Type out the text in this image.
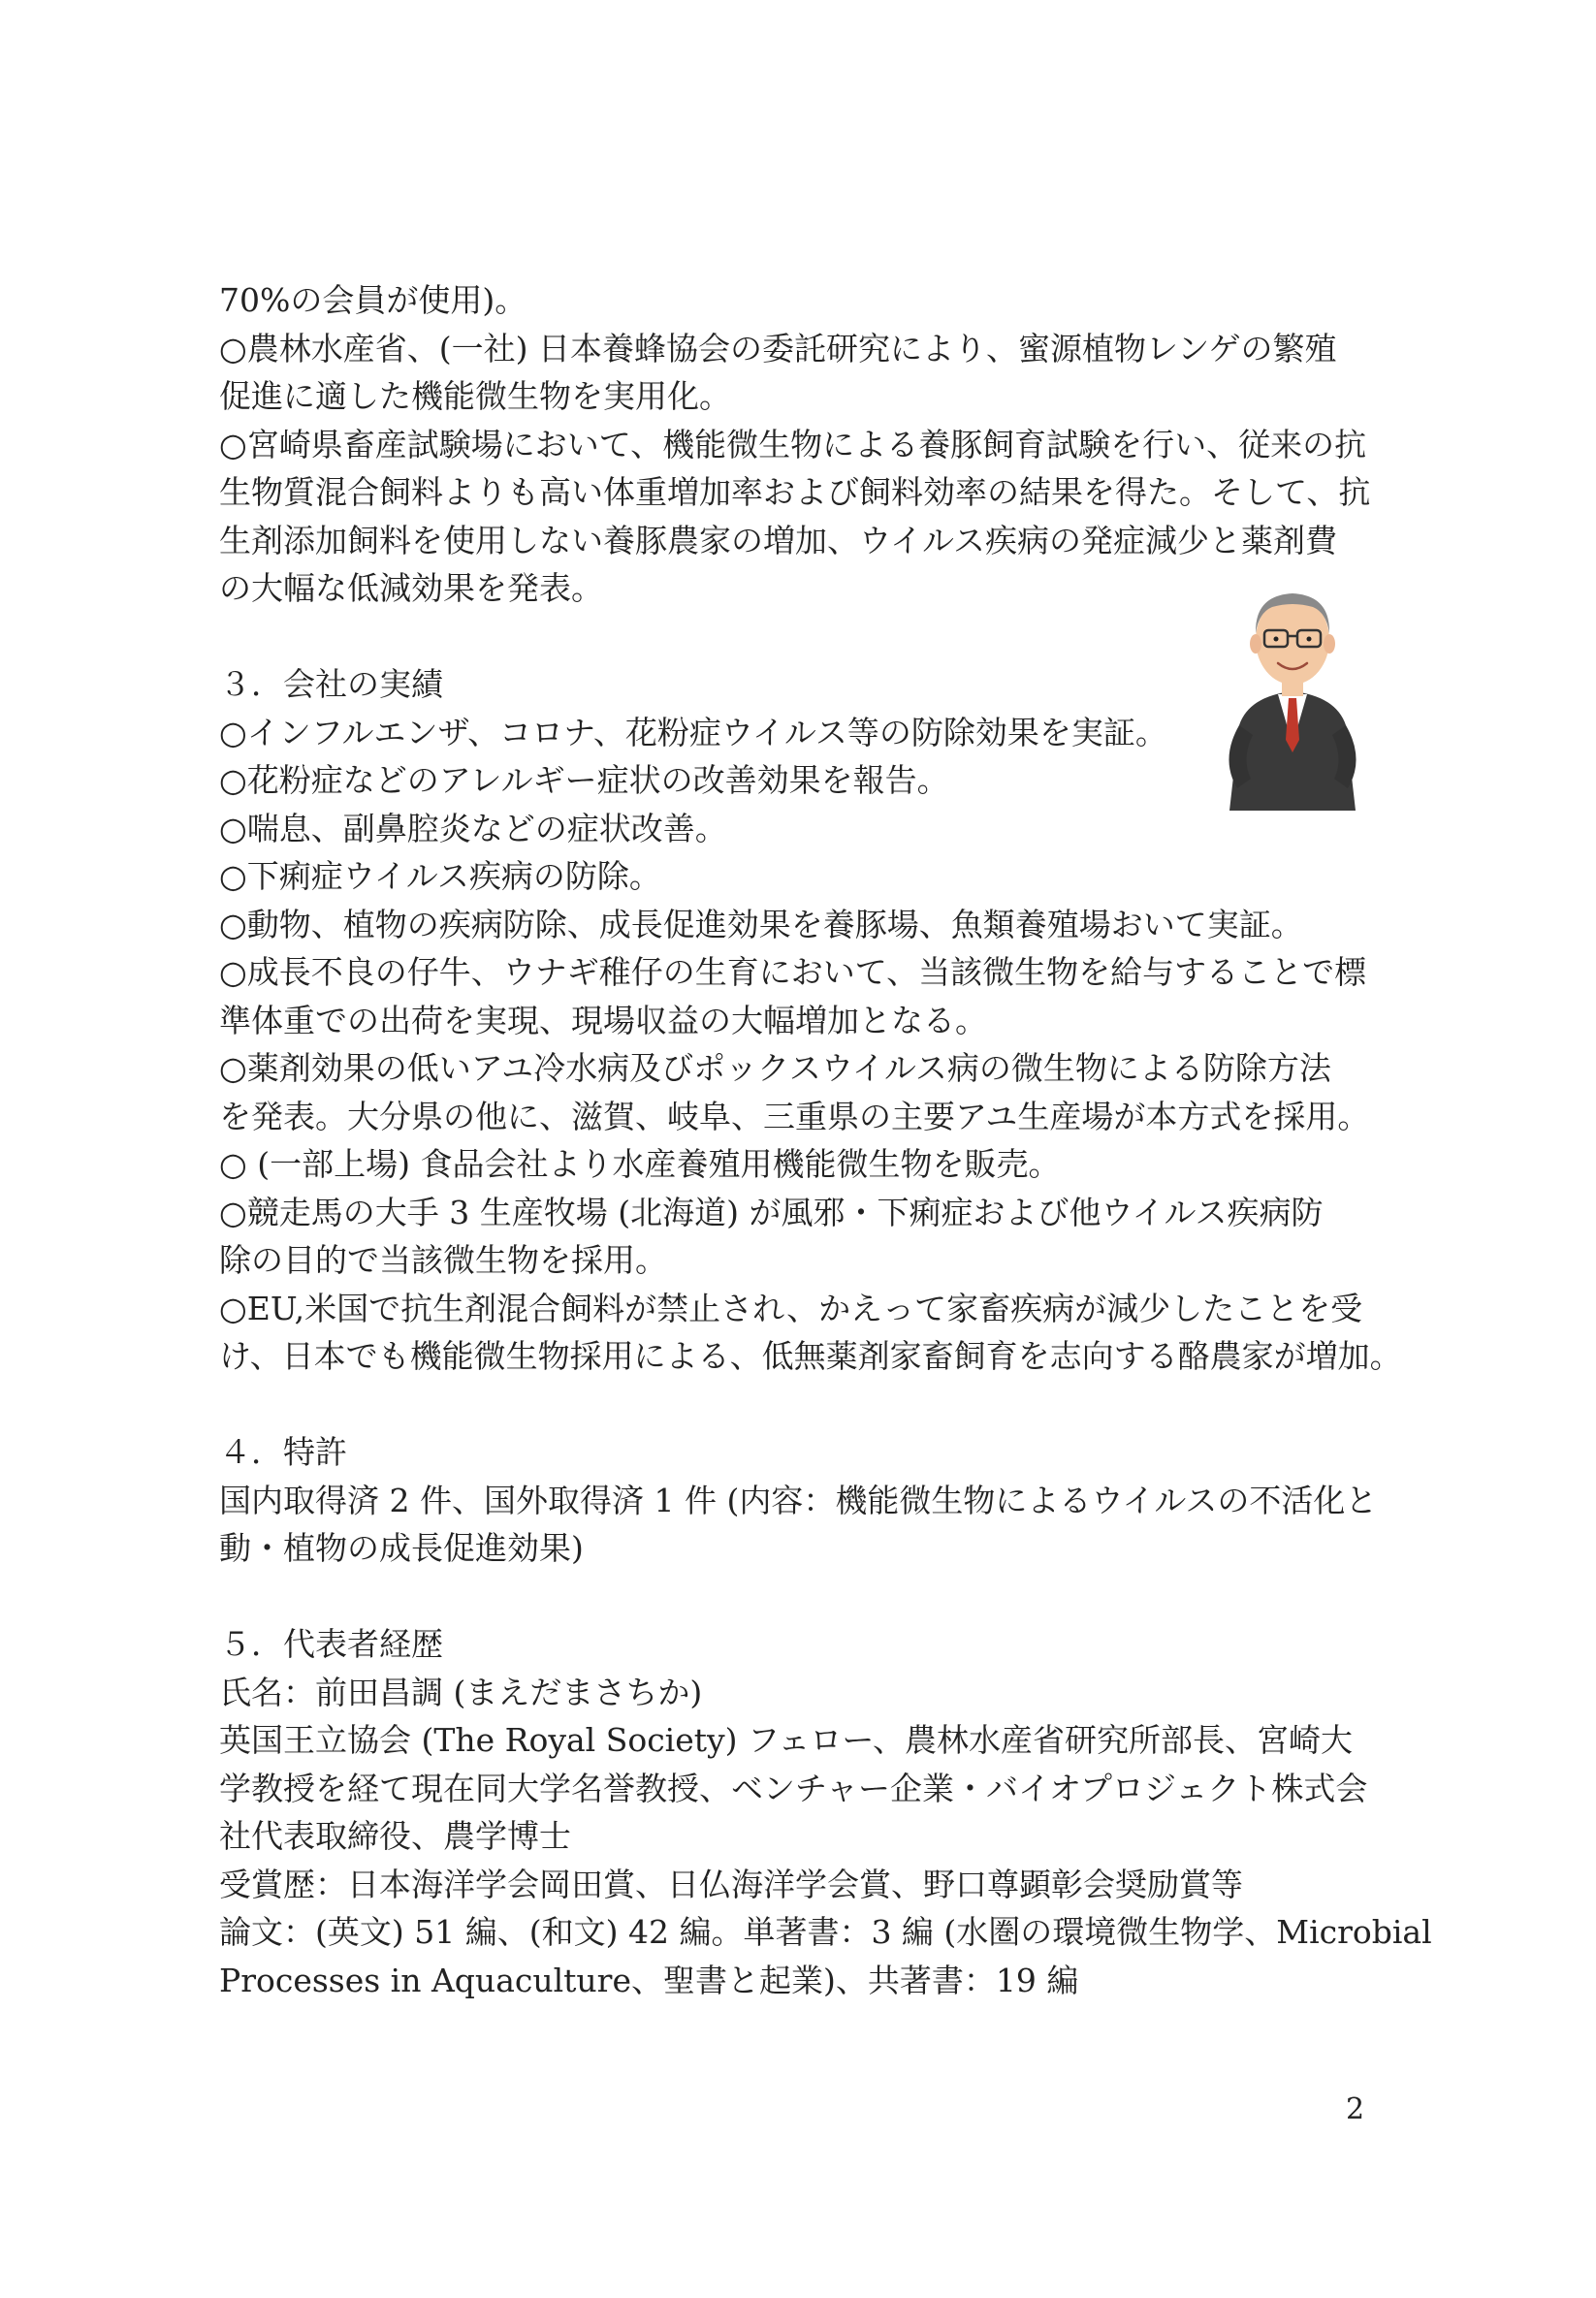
70%の会員が使用)。
○農林水産省、(一社) 日本養蜂協会の委託研究により、蜜源植物レンゲの繁殖
促進に適した機能微生物を実用化。
○宮崎県畜産試験場において、機能微生物による養豚飼育試験を行い、従来の抗
生物質混合飼料よりも高い体重増加率および飼料効率の結果を得た。そして、抗
生剤添加飼料を使用しない養豚農家の増加、ウイルス疾病の発症減少と薬剤費
の大幅な低減効果を発表。
３．会社の実績
○インフルエンザ、コロナ、花粉症ウイルス等の防除効果を実証。
○花粉症などのアレルギー症状の改善効果を報告。
○喘息、副鼻腔炎などの症状改善。
○下痢症ウイルス疾病の防除。
○動物、植物の疾病防除、成長促進効果を養豚場、魚類養殖場おいて実証。
○成長不良の仔牛、ウナギ稚仔の生育において、当該微生物を給与することで標
準体重での出荷を実現、現場収益の大幅増加となる。
○薬剤効果の低いアユ冷水病及びポックスウイルス病の微生物による防除方法
を発表。大分県の他に、滋賀、岐阜、三重県の主要アユ生産場が本方式を採用。
○ (一部上場) 食品会社より水産養殖用機能微生物を販売。
○競走馬の大手 3 生産牧場 (北海道) が風邪・下痢症および他ウイルス疾病防
除の目的で当該微生物を採用。
○EU,米国で抗生剤混合飼料が禁止され、かえって家畜疾病が減少したことを受
け、日本でも機能微生物採用による、低無薬剤家畜飼育を志向する酪農家が増加。
４．特許
国内取得済 2 件、国外取得済 1 件 (内容：機能微生物によるウイルスの不活化と
動・植物の成長促進効果)
５．代表者経歴
氏名：前田昌調 (まえだまさちか)
英国王立協会 (The Royal Society) フェロー、農林水産省研究所部長、宮崎大
学教授を経て現在同大学名誉教授、ベンチャー企業・バイオプロジェクト株式会
社代表取締役、農学博士
受賞歴：日本海洋学会岡田賞、日仏海洋学会賞、野口尊顕彰会奨励賞等
論文：(英文) 51 編、(和文) 42 編。単著書：3 編 (水圏の環境微生物学、Microbial
Processes in Aquaculture、聖書と起業)、共著書：19 編
2
